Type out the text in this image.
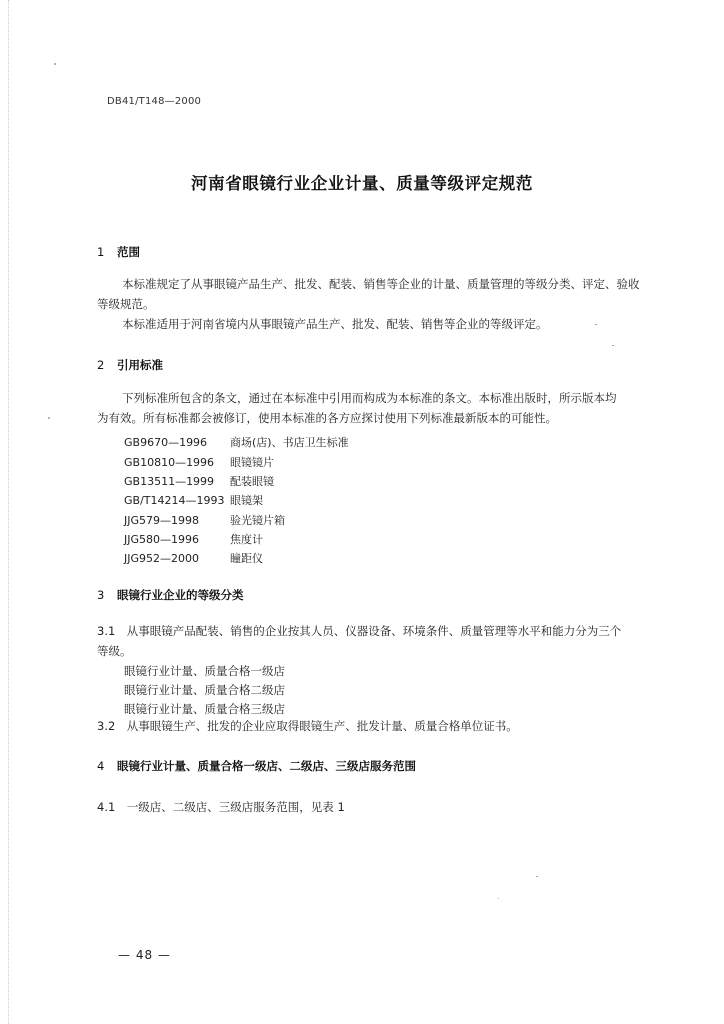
DB41/T148—2000
河南省眼镜行业企业计量、质量等级评定规范
1 范围
本标准规定了从事眼镜产品生产、批发、配装、销售等企业的计量、质量管理的等级分类、评定、验收
等级规范。
本标准适用于河南省境内从事眼镜产品生产、批发、配装、销售等企业的等级评定。
2 引用标准
下列标准所包含的条文，通过在本标准中引用而构成为本标准的条文。本标准出版时，所示版本均
为有效。所有标准都会被修订，使用本标准的各方应探讨使用下列标准最新版本的可能性。
GB9670—1996 商场(店)、书店卫生标准
GB10810—1996 眼镜镜片
GB13511—1999 配装眼镜
GB/T14214—1993 眼镜架
JJG579—1998	验光镜片箱
JJG580—1996	焦度计
JJG952—2000	瞳距仪
3 眼镜行业企业的等级分类
3.1　从事眼镜产品配装、销售的企业按其人员、仪器设备、环境条件、质量管理等水平和能力分为三个
等级。
眼镜行业计量、质量合格一级店
眼镜行业计量、质量合格二级店
眼镜行业计量、质量合格三级店
3.2　从事眼镜生产、批发的企业应取得眼镜生产、批发计量、质量合格单位证书。
4 眼镜行业计量、质量合格一级店、二级店、三级店服务范围
4.1　一级店、二级店、三级店服务范围，见表 1
— 48 —
